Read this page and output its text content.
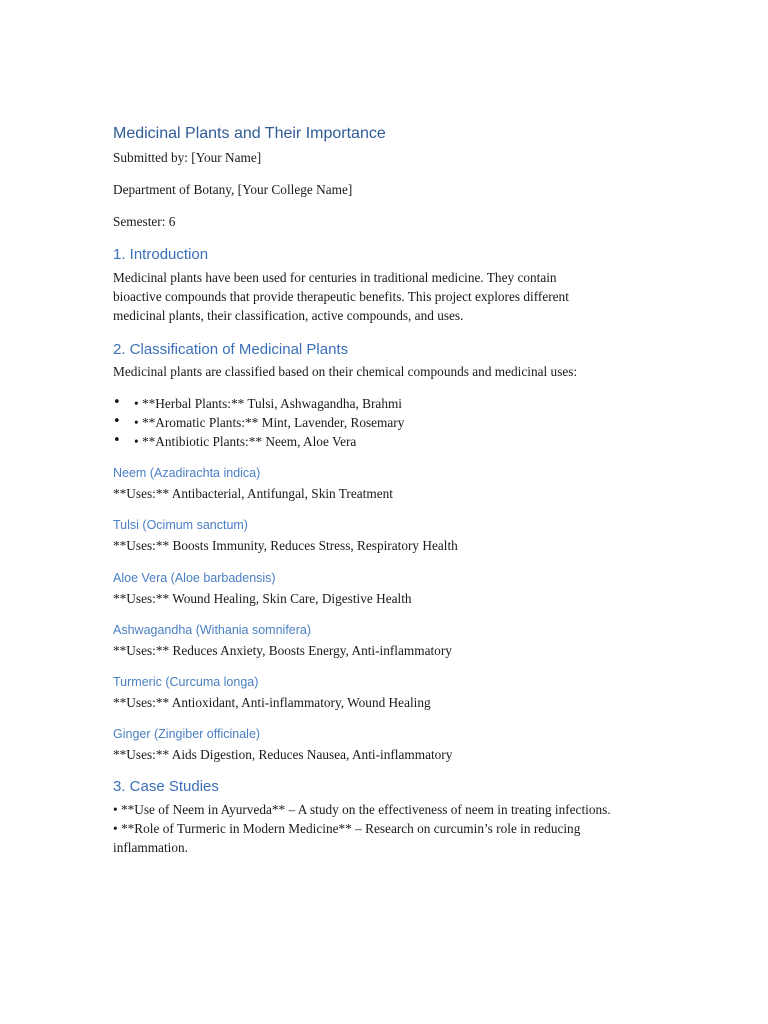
Medicinal Plants and Their Importance
Submitted by: [Your Name]
Department of Botany, [Your College Name]
Semester: 6
1. Introduction
Medicinal plants have been used for centuries in traditional medicine. They contain
bioactive compounds that provide therapeutic benefits. This project explores different
medicinal plants, their classification, active compounds, and uses.
2. Classification of Medicinal Plants
Medicinal plants are classified based on their chemical compounds and medicinal uses:
• • **Herbal Plants:** Tulsi, Ashwagandha, Brahmi
• • **Aromatic Plants:** Mint, Lavender, Rosemary
• • **Antibiotic Plants:** Neem, Aloe Vera
Neem (Azadirachta indica)
**Uses:** Antibacterial, Antifungal, Skin Treatment
Tulsi (Ocimum sanctum)
**Uses:** Boosts Immunity, Reduces Stress, Respiratory Health
Aloe Vera (Aloe barbadensis)
**Uses:** Wound Healing, Skin Care, Digestive Health
Ashwagandha (Withania somnifera)
**Uses:** Reduces Anxiety, Boosts Energy, Anti-inflammatory
Turmeric (Curcuma longa)
**Uses:** Antioxidant, Anti-inflammatory, Wound Healing
Ginger (Zingiber officinale)
**Uses:** Aids Digestion, Reduces Nausea, Anti-inflammatory
3. Case Studies
• **Use of Neem in Ayurveda** – A study on the effectiveness of neem in treating infections.
• **Role of Turmeric in Modern Medicine** – Research on curcumin’s role in reducing
inflammation.
